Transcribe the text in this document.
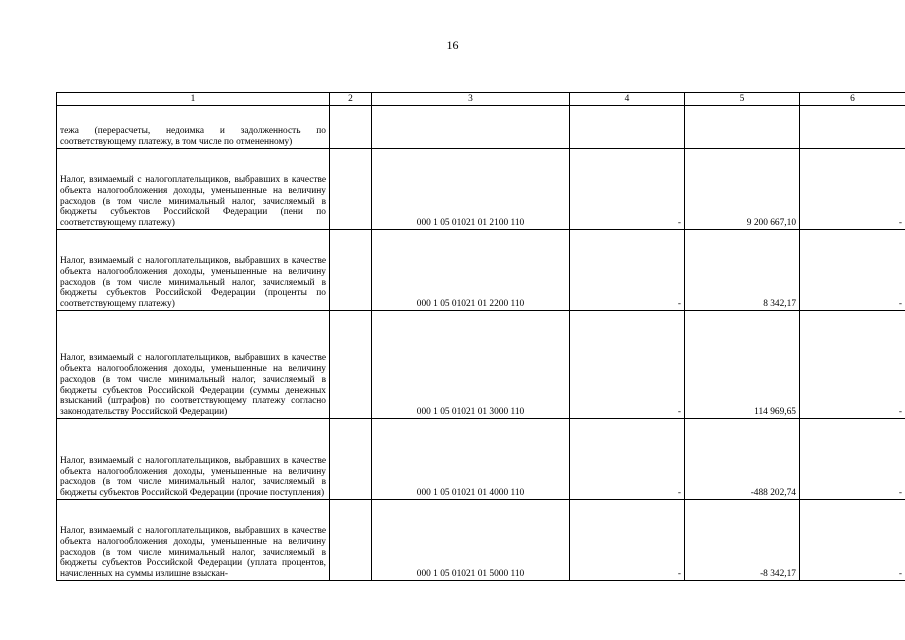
16
1	2	3	4	5	6

тежа (перерасчеты, недоимка и задолженность по соответствующему платежу, в том числе по отмененному)					

Налог, взимаемый с налогоплательщиков, выбравших в качестве объекта налогообложения доходы, уменьшенные на величину расходов (в том числе минимальный налог, зачисляемый в бюджеты субъектов Российской Федерации (пени по соответствующему платежу)		000 1 05 01021 01 2100 110	-	9 200 667,10	-

Налог, взимаемый с налогоплательщиков, выбравших в качестве объекта налогообложения доходы, уменьшенные на величину расходов (в том числе минимальный налог, зачисляемый в бюджеты субъектов Российской Федерации (проценты по соответствующему платежу)		000 1 05 01021 01 2200 110	-	8 342,17	-

Налог, взимаемый с налогоплательщиков, выбравших в качестве объекта налогообложения доходы, уменьшенные на величину расходов (в том числе минимальный налог, зачисляемый в бюджеты субъектов Российской Федерации (суммы денежных взысканий (штрафов) по соответствующему платежу согласно законодательству Российской Федерации)		000 1 05 01021 01 3000 110	-	114 969,65	-

Налог, взимаемый с налогоплательщиков, выбравших в качестве объекта налогообложения доходы, уменьшенные на величину расходов (в том числе минимальный налог, зачисляемый в бюджеты субъектов Российской Федерации (прочие поступления)		000 1 05 01021 01 4000 110	-	-488 202,74	-

Налог, взимаемый с налогоплательщиков, выбравших в качестве объекта налогообложения доходы, уменьшенные на величину расходов (в том числе минимальный налог, зачисляемый в бюджеты субъектов Российской Федерации (уплата процентов, начисленных на суммы излишне взыскан-		000 1 05 01021 01 5000 110	-	-8 342,17	-
